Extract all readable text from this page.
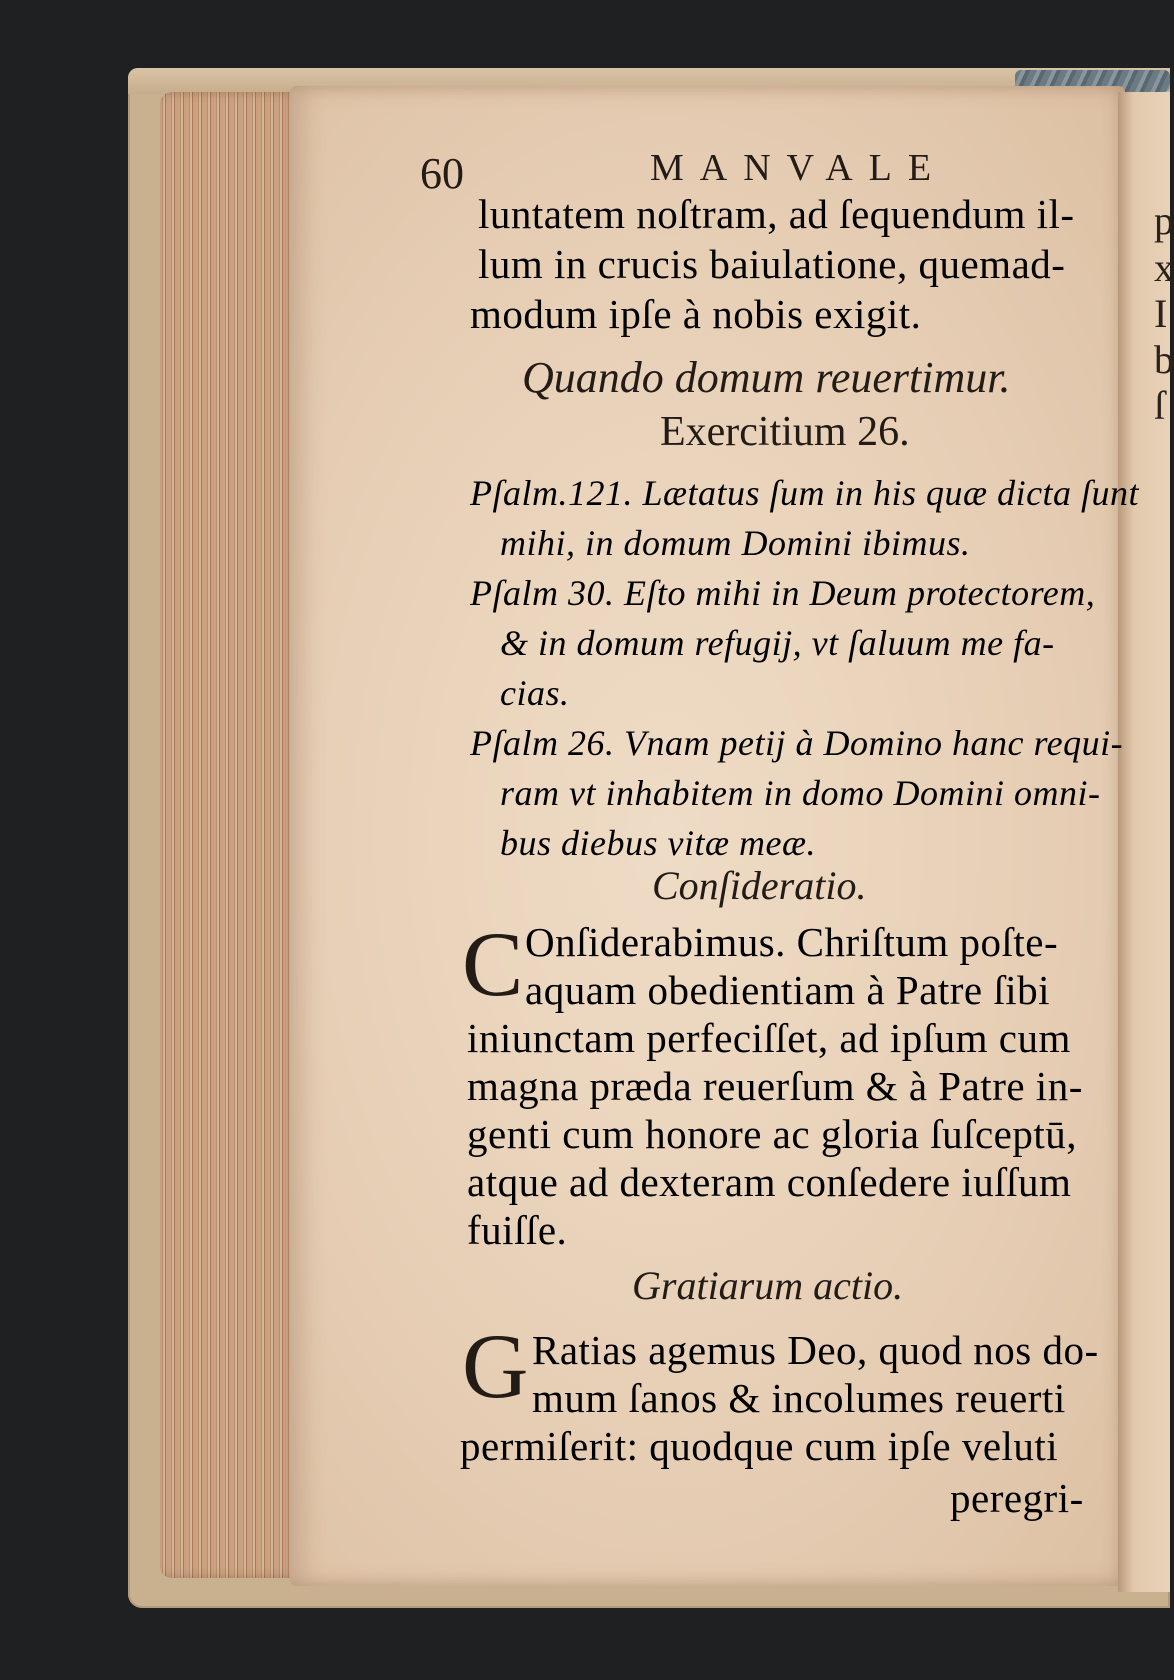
p
x
I
b
ſ
60	MANVALE
luntatem noſtram, ad ſequendum il-
lum in crucis baiulatione, quemad-
modum ipſe à nobis exigit.
Quando domum reuertimur.
Exercitium 26.
Pſalm.121. Lætatus ſum in his quæ dicta ſunt
mihi, in domum Domini ibimus.
Pſalm 30. Eſto mihi in Deum protectorem,
& in domum refugij, vt ſaluum me fa-
cias.
Pſalm 26. Vnam petij à Domino hanc requi-
ram vt inhabitem in domo Domini omni-
bus diebus vitæ meæ.
Conſideratio.
C Onſiderabimus. Chriſtum poſte-
aquam obedientiam à Patre ſibi
iniunctam perfeciſſet, ad ipſum cum
magna præda reuerſum & à Patre in-
genti cum honore ac gloria ſuſceptū,
atque ad dexteram conſedere iuſſum
fuiſſe.
Gratiarum actio.
G Ratias agemus Deo, quod nos do-
mum ſanos & incolumes reuerti
permiſerit: quodque cum ipſe veluti
peregri-
